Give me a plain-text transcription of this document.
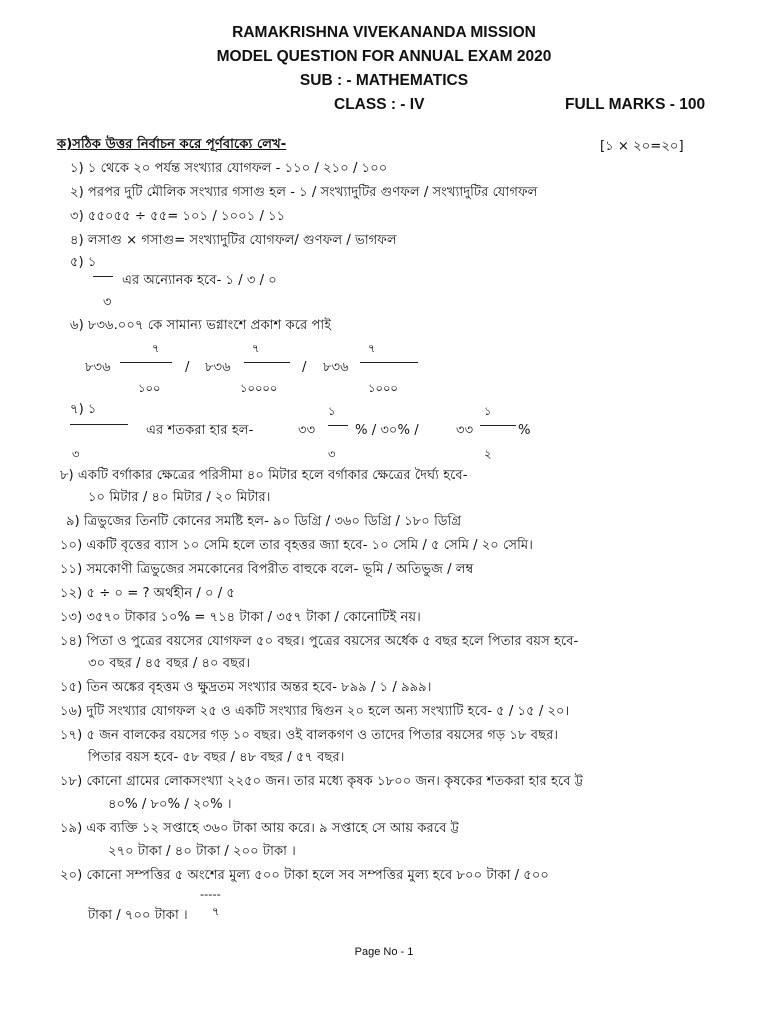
RAMAKRISHNA VIVEKANANDA MISSION
MODEL QUESTION FOR ANNUAL EXAM 2020
SUB : - MATHEMATICS
CLASS : - IV	FULL MARKS - 100
ক)সঠিক উত্তর নির্বাচন করে পূর্ণবাক্যে লেখ-	[১ × ২০=২০]
১) ১ থেকে ২০ পর্যন্ত সংখ্যার যোগফল - ১১০ / ২১০ / ১০০
২) পরপর দুটি মৌলিক সংখ্যার গসাগু হল - ১ / সংখ্যাদুটির গুণফল / সংখ্যাদুটির যোগফল
৩) ৫৫০৫৫ ÷ ৫৫= ১০১ / ১০০১ / ১১
৪) লসাগু × গসাগু= সংখ্যাদুটির যোগফল/ গুণফল / ভাগফল
৫) ১
এর অন্যোনক হবে- ১ / ৩ / ০
৩
৬) ৮৩৬.০০৭ কে সামান্য ভগ্নাংশে প্রকাশ করে পাই
৭	৭	৭
৮৩৬	/ ৮৩৬	/ ৮৩৬
১০০	১০০০০	১০০০
৭) ১	১	১
এর শতকরা হার হল-	৩৩	% / ৩০% /	৩৩	%
৩	৩	২
৮) একটি বর্গাকার ক্ষেত্রের পরিসীমা ৪০ মিটার হলে বর্গাকার ক্ষেত্রের দৈর্ঘ্য হবে-
১০ মিটার / ৪০ মিটার / ২০ মিটার।
৯) ত্রিভুজের তিনটি কোনের সমষ্টি হল- ৯০ ডিগ্রি / ৩৬০ ডিগ্রি / ১৮০ ডিগ্রি
১০) একটি বৃত্তের ব্যাস ১০ সেমি হলে তার বৃহত্তর জ্যা হবে- ১০ সেমি / ৫ সেমি / ২০ সেমি।
১১) সমকোণী ত্রিভুজের সমকোনের বিপরীত বাহুকে বলে- ভূমি / অতিভুজ / লম্ব
১২) ৫ ÷ ০ = ? অর্থহীন / ০ / ৫
১৩) ৩৫৭০ টাকার ১০% = ৭১৪ টাকা / ৩৫৭ টাকা / কোনোটিই নয়।
১৪) পিতা ও পুত্রের বয়সের যোগফল ৫০ বছর। পুত্রের বয়সের অর্ধেক ৫ বছর হলে পিতার বয়স হবে-
৩০ বছর / ৪৫ বছর / ৪০ বছর।
১৫) তিন অঙ্কের বৃহত্তম ও ক্ষুদ্রতম সংখ্যার অন্তর হবে- ৮৯৯ / ১ / ৯৯৯।
১৬) দুটি সংখ্যার যোগফল ২৫ ও একটি সংখ্যার দ্বিগুন ২০ হলে অন্য সংখ্যাটি হবে- ৫ / ১৫ / ২০।
১৭) ৫ জন বালকের বয়সের গড় ১০ বছর। ওই বালকগণ ও তাদের পিতার বয়সের গড় ১৮ বছর।
পিতার বয়স হবে- ৫৮ বছর / ৪৮ বছর / ৫৭ বছর।
১৮) কোনো গ্রামের লোকসংখ্যা ২২৫০ জন। তার মধ্যে কৃষক ১৮০০ জন। কৃষকের শতকরা হার হবে ট্ট
৪০% / ৮০% / ২০% ।
১৯) এক ব্যক্তি ১২ সপ্তাহে ৩৬০ টাকা আয় করে। ৯ সপ্তাহে সে আয় করবে ট্ট
২৭০ টাকা / ৪০ টাকা / ২০০ টাকা ।
২০) কোনো সম্পত্তির ৫ অংশের মুল্য ৫০০ টাকা হলে সব সম্পত্তির মুল্য হবে ৮০০ টাকা / ৫০০
-----
৭
টাকা / ৭০০ টাকা ।
Page No - 1
